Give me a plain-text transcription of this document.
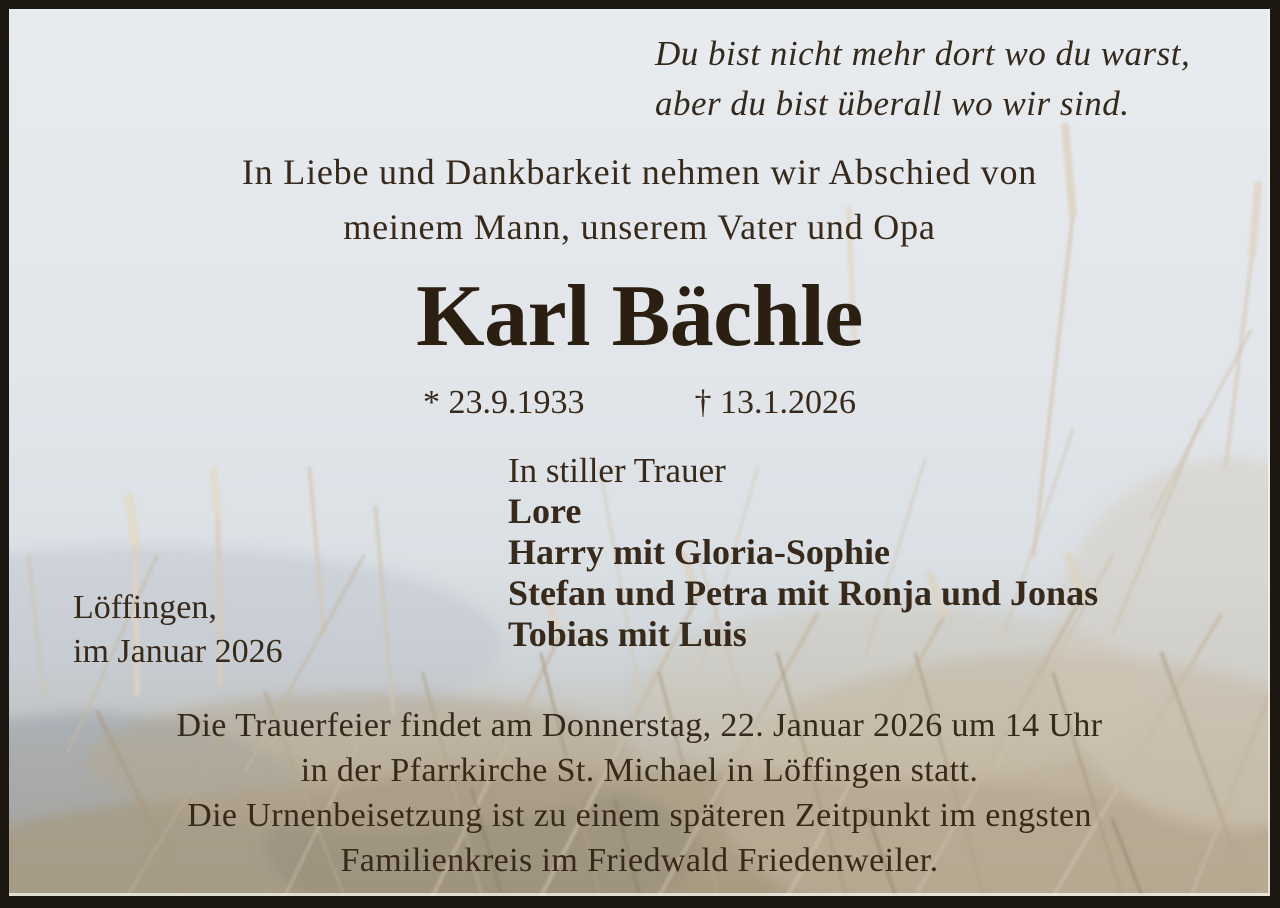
Du bist nicht mehr dort wo du warst,
aber du bist überall wo wir sind.
In Liebe und Dankbarkeit nehmen wir Abschied von
meinem Mann, unserem Vater und Opa
Karl Bächle
* 23.9.1933	† 13.1.2026
In stiller Trauer
Lore
Harry mit Gloria-Sophie
Stefan und Petra mit Ronja und Jonas
Tobias mit Luis
Löffingen,
im Januar 2026
Die Trauerfeier findet am Donnerstag, 22. Januar 2026 um 14 Uhr
in der Pfarrkirche St. Michael in Löffingen statt.
Die Urnenbeisetzung ist zu einem späteren Zeitpunkt im engsten
Familienkreis im Friedwald Friedenweiler.
